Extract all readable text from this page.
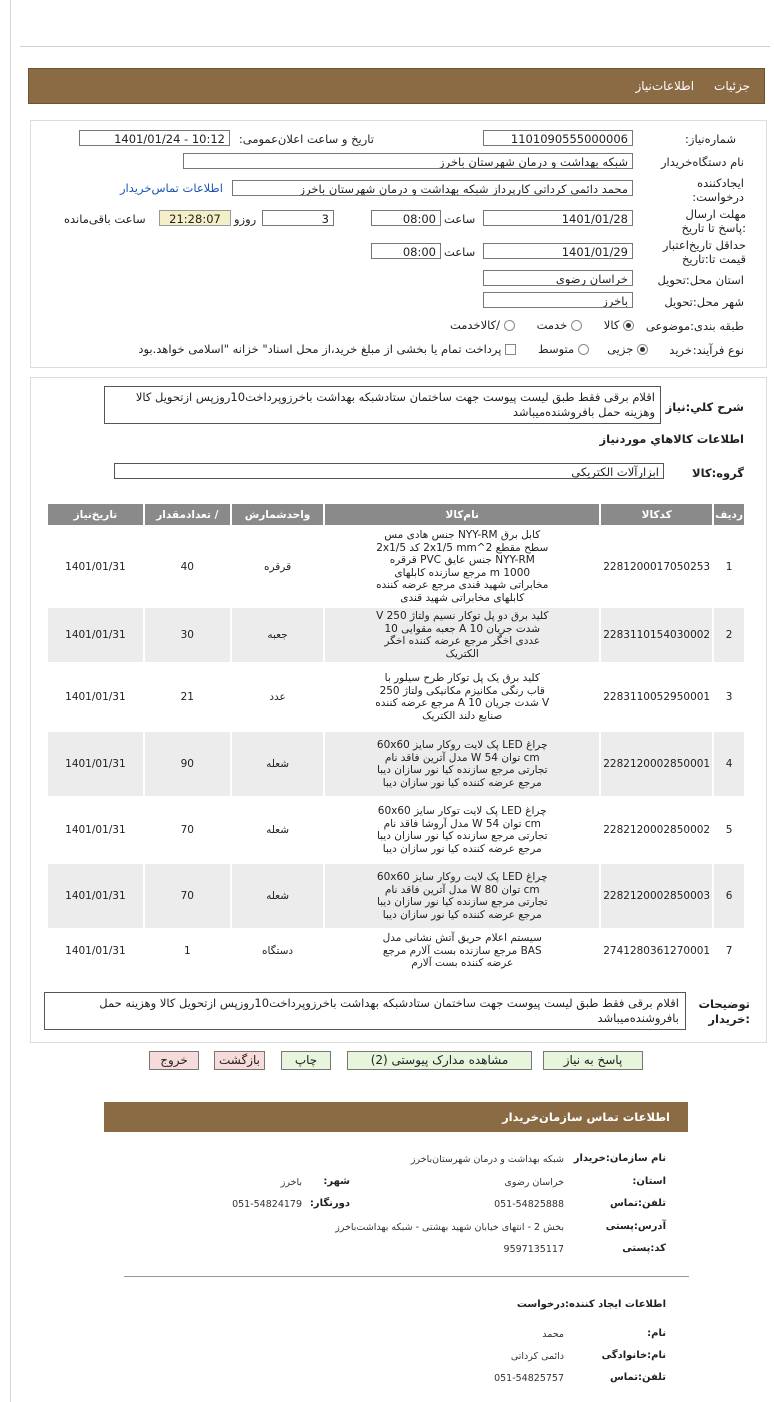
جزئیات
اطلاعات‌نیاز
شماره‌نیاز:
1101090555000006
تاریخ و ساعت اعلان‌عمومی:
1401/01/24 - 10:12
نام دستگاه‌خریدار
شبکه بهداشت و درمان شهرستان باخرز
ایجادکننده درخواست:
محمد دائمی کرداتی کارپرداز شبکه بهداشت و درمان شهرستان باخرز
اطلاعات تماس‌خریدار
مهلت ارسال :پاسخ تا تاریخ
1401/01/28
ساعت
08:00
3
روزو
21:28:07
ساعت باقی‌مانده
حداقل تاریخ‌اعتبار قیمت تا:تاریخ
1401/01/29
ساعت
08:00
استان محل:تحویل
خراسان رضوی
شهر محل:تحویل
باخرز
طبقه بندی:موضوعی
کالا       خدمت       /کالاخدمت
نوع فرآیند:
خرید
جزیی      متوسط       پرداخت تمام یا بخشی از مبلغ خرید،از محل اسناد" خزانه "اسلامی خواهد.بود
شرح کلي:نياز
اقلام برقی فقط طبق لیست پیوست جهت ساختمان ستادشبکه بهداشت باخرزوپرداخت10روزپس ازتحویل کالا وهزینه حمل بافروشنده‌میباشد
اطلاعات کالاهاي موردنياز
گروه:کالا
ابزارآلات الکتریکی
ردیف	کدکالا	نام‌کالا	واحدشمارش	/ تعدادمقدار	تاریخ‌نیاز
1	2281200017050253	کابل برق NYY-RM جنس هادی مس سطح مقطع 2^2x1/5 mm کد 2x1/5 NYY-RM جنس عایق PVC قرقره 1000 m مرجع سازنده کابلهای مخابراتی شهید قندی مرجع عرضه کننده کابلهای مخابراتی شهید قندی	قرقره	40	1401/01/31
2	2283110154030002	کلید برق دو پل توکار نسیم ولتاژ 250 V شدت جریان 10 A جعبه مقوایی 10 عددی اخگر مرجع عرضه کننده اخگر الکتریک	جعبه	30	1401/01/31
3	2283110052950001	کلید برق یک پل توکار طرح سیلور با قاب رنگی مکانیزم مکانیکی ولتاژ 250 V شدت جریان 10 A مرجع عرضه کننده صنایع دلند الکتریک	عدد	21	1401/01/31
4	2282120002850001	چراغ LED پک لایت روکار سایز 60x60 cm توان 54 W مدل آترین فاقد نام تجارتی مرجع سازنده کیا نور سازان دیبا مرجع عرضه کننده کیا نور سازان دیبا	شعله	90	1401/01/31
5	2282120002850002	چراغ LED پک لایت توکار سایز 60x60 cm توان 54 W مدل آروشا فاقد نام تجارتی مرجع سازنده کیا نور سازان دیبا مرجع عرضه کننده کیا نور سازان دیبا	شعله	70	1401/01/31
6	2282120002850003	چراغ LED پک لایت روکار سایز 60x60 cm توان 80 W مدل آترین فاقد نام تجارتی مرجع سازنده کیا نور سازان دیبا مرجع عرضه کننده کیا نور سازان دیبا	شعله	70	1401/01/31
7	2741280361270001	سیستم اعلام حریق آتش نشانی مدل BAS مرجع سازنده بست آلارم مرجع عرضه کننده بست آلارم	دستگاه	1	1401/01/31
توضیحات :خریدار
اقلام برقی فقط طبق لیست پیوست جهت ساختمان ستادشبکه بهداشت باخرزوپرداخت10روزپس ازتحویل کالا وهزینه حمل بافروشنده‌میباشد
پاسخ به نیاز
مشاهده مدارک پیوستی (2)
چاپ
بازگشت
خروج
اطلاعات تماس سازمان‌خریدار
نام سازمان:خریدار
شبکه بهداشت و درمان شهرستان‌باخرز
استان:
خراسان رضوی
شهر:
باخرز
تلفن:تماس
051-54825888
دورنگار:
051-54824179
آدرس:پستی
بخش 2 - انتهای خیابان شهید بهشتی - شبکه بهداشت‌باخرز
کد:پستی
9597135117
اطلاعات ایجاد کننده:درخواست
نام:
محمد
نام:خانوادگی
دائمی کرداتی
تلفن:تماس
051-54825757
